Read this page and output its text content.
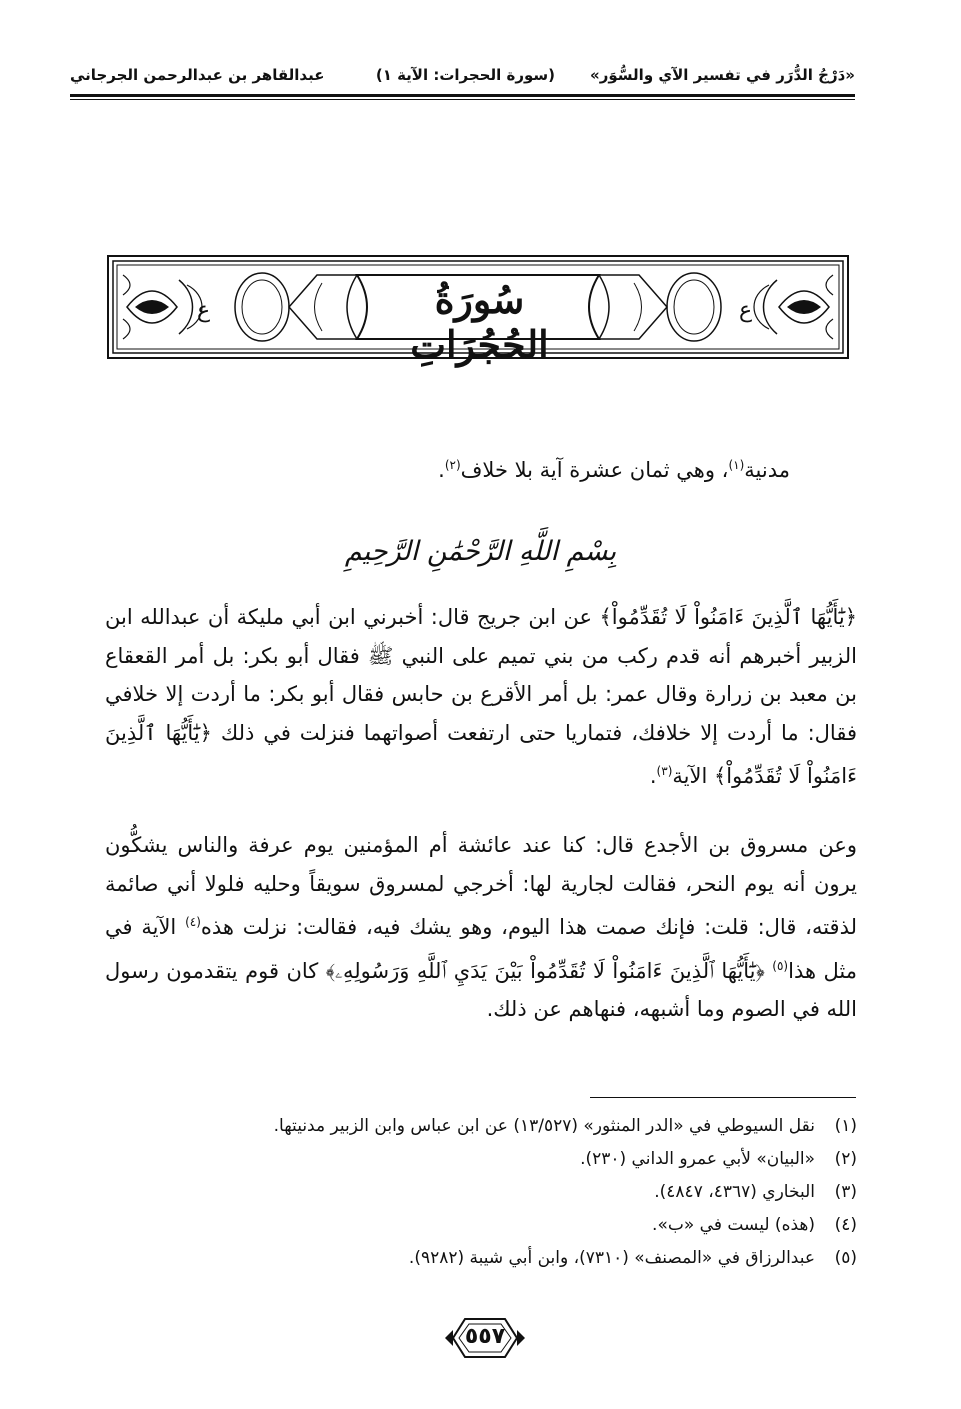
«دَرْجُ الدُّرَر في تفسير الآي والسُّوَر»
(سورة الحجرات: الآية ١)
عبدالقاهر بن عبدالرحمن الجرجاني
ع	ع
سُورَةُ الحُجُرَاتِ
مدنية$^{(١)}$، وهي ثمان عشرة آية بلا خلاف$^{(٢)}$.
بِسْمِ اللَّهِ الرَّحْمَٰنِ الرَّحِيمِ
﴿يَٰٓأَيُّهَا ٱلَّذِينَ ءَامَنُواْ لَا تُقَدِّمُواْ﴾ عن ابن جريج قال: أخبرني ابن أبي مليكة أن عبدالله ابن الزبير أخبرهم أنه قدم ركب من بني تميم على النبي ﷺ فقال أبو بكر: بل أمر القعقاع بن معبد بن زرارة وقال عمر: بل أمر الأقرع بن حابس فقال أبو بكر: ما أردت إلا خلافي فقال: ما أردت إلا خلافك، فتماريا حتى ارتفعت أصواتهما فنزلت في ذلك ﴿يَٰٓأَيُّهَا ٱلَّذِينَ ءَامَنُواْ لَا تُقَدِّمُواْ﴾ الآية$^{(٣)}$.
وعن مسروق بن الأجدع قال: كنا عند عائشة أم المؤمنين يوم عرفة والناس يشكُّون يرون أنه يوم النحر، فقالت لجارية لها: أخرجي لمسروق سويقاً وحليه فلولا أني صائمة لذقته، قال: قلت: فإنك صمت هذا اليوم، وهو يشك فيه، فقالت: نزلت هذه$^{(٤)}$ الآية في مثل هذا$^{(٥)}$ ﴿يَٰٓأَيُّهَا ٱلَّذِينَ ءَامَنُواْ لَا تُقَدِّمُواْ بَيْنَ يَدَيِ ٱللَّهِ وَرَسُولِهِۦ﴾ كان قوم يتقدمون رسول الله في الصوم وما أشبهه، فنهاهم عن ذلك.
(١)نقل السيوطي في «الدر المنثور» (١٣/٥٢٧) عن ابن عباس وابن الزبير مدنيتها.
(٢)«البيان» لأبي عمرو الداني (٢٣٠).
(٣)البخاري (٤٣٦٧، ٤٨٤٧).
(٤)(هذه) ليست في «ب».
(٥)عبدالرزاق في «المصنف» (٧٣١٠)، وابن أبي شيبة (٩٢٨٢).
٥٥٧
